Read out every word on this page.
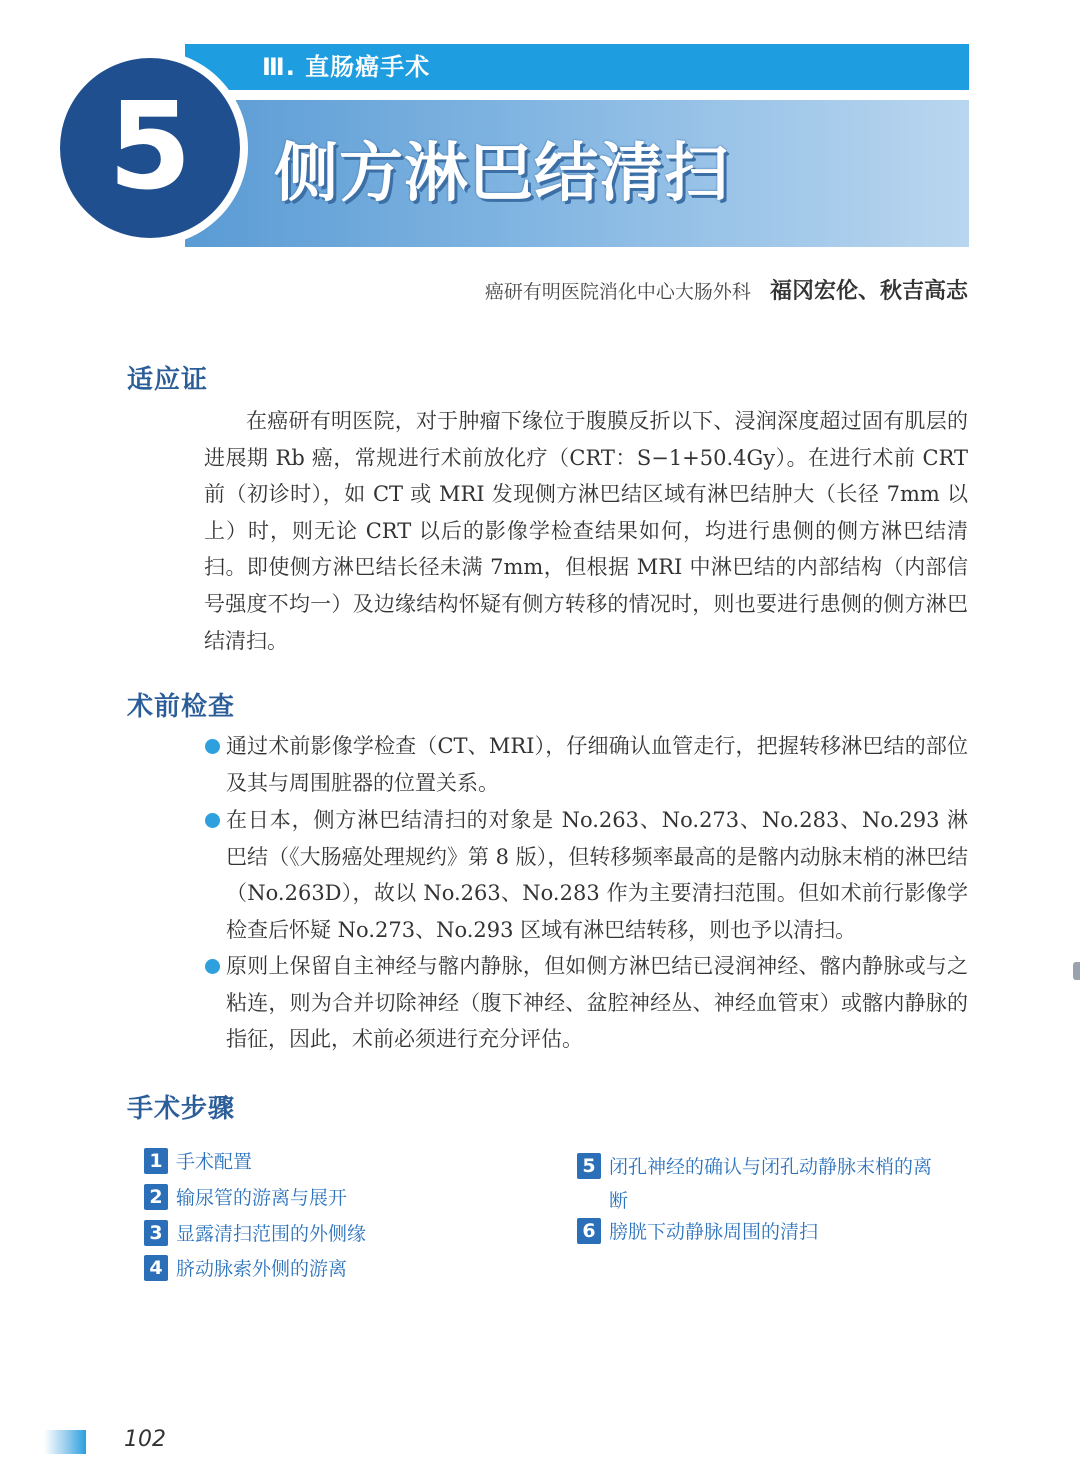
Ⅲ. 直肠癌手术
5	侧方淋巴结清扫
癌研有明医院消化中心大肠外科 福冈宏伦、秋吉高志
适应证

在癌研有明医院，对于肿瘤下缘位于腹膜反折以下、浸润深度超过固有肌层的进展期 Rb 癌，常规进行术前放化疗（CRT：S−1+50.4Gy）。在进行术前 CRT 前（初诊时），如 CT 或 MRI 发现侧方淋巴结区域有淋巴结肿大（长径 7mm 以上）时，则无论 CRT 以后的影像学检查结果如何，均进行患侧的侧方淋巴结清扫。即使侧方淋巴结长径未满 7mm，但根据 MRI 中淋巴结的内部结构（内部信号强度不均一）及边缘结构怀疑有侧方转移的情况时，则也要进行患侧的侧方淋巴结清扫。

术前检查
通过术前影像学检查（CT、MRI），仔细确认血管走行，把握转移淋巴结的部位及其与周围脏器的位置关系。
在日本，侧方淋巴结清扫的对象是 No.263、No.273、No.283、No.293 淋巴结（《大肠癌处理规约》第 8 版），但转移频率最高的是髂内动脉末梢的淋巴结（No.263D），故以 No.263、No.283 作为主要清扫范围。但如术前行影像学检查后怀疑 No.273、No.293 区域有淋巴结转移，则也予以清扫。
原则上保留自主神经与髂内静脉，但如侧方淋巴结已浸润神经、髂内静脉或与之粘连，则为合并切除神经（腹下神经、盆腔神经丛、神经血管束）或髂内静脉的指征，因此，术前必须进行充分评估。
手术步骤
1 手术配置
2 输尿管的游离与展开
3 显露清扫范围的外侧缘
4 脐动脉索外侧的游离
5 闭孔神经的确认与闭孔动静脉末梢的离断
6 膀胱下动静脉周围的清扫
102
